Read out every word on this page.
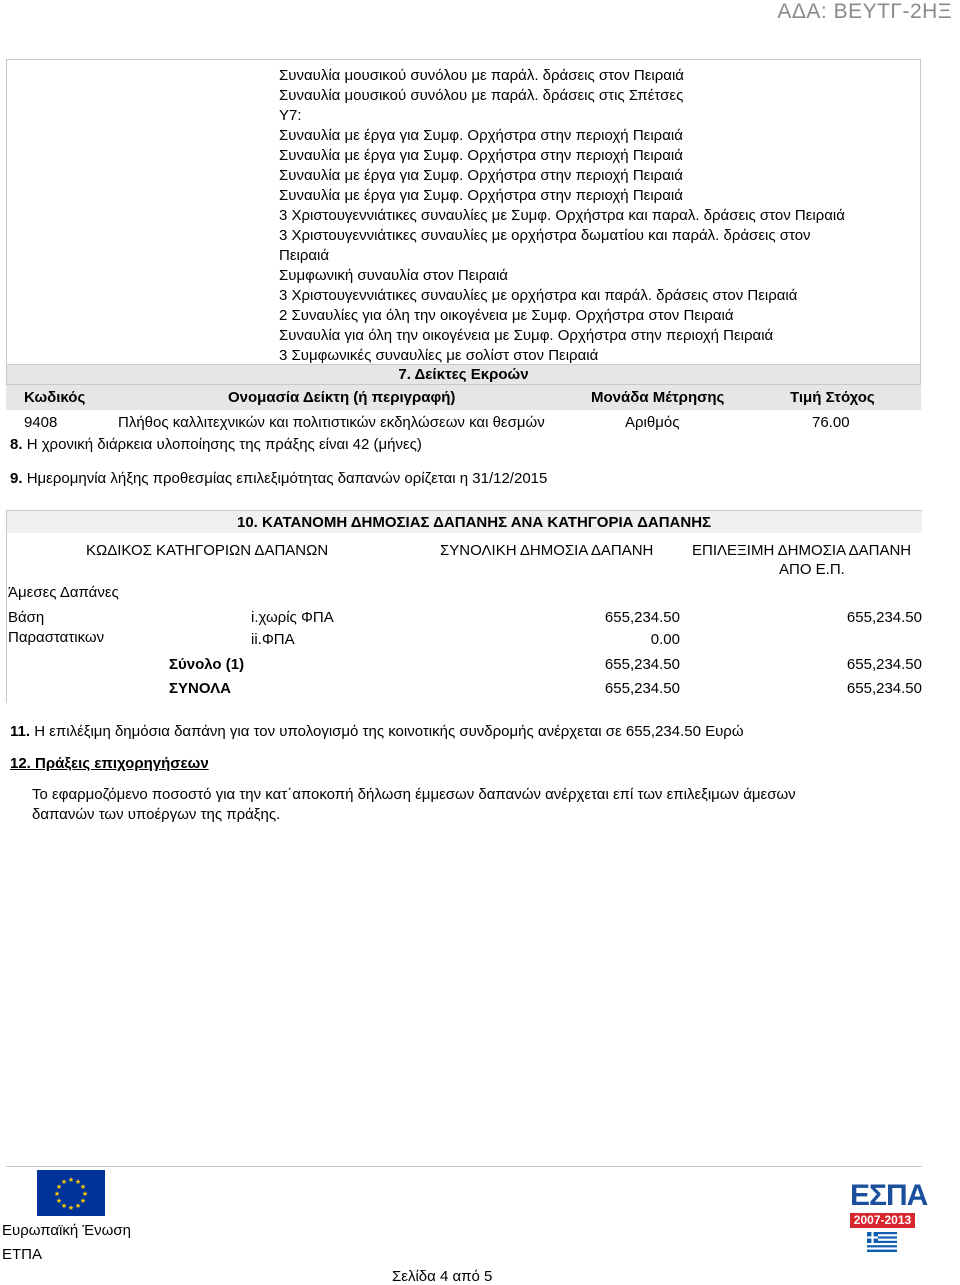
ΑΔΑ: ΒΕΥΤΓ-2ΗΞ
Συναυλία μουσικού συνόλου με παράλ. δράσεις στον Πειραιά
Συναυλία μουσικού συνόλου με παράλ. δράσεις στις Σπέτσες
Υ7:
Συναυλία με έργα για Συμφ. Ορχήστρα στην περιοχή Πειραιά
Συναυλία με έργα για Συμφ. Ορχήστρα στην περιοχή Πειραιά
Συναυλία με έργα για Συμφ. Ορχήστρα στην περιοχή Πειραιά
Συναυλία με έργα για Συμφ. Ορχήστρα στην περιοχή Πειραιά
3 Χριστουγεννιάτικες συναυλίες με Συμφ. Ορχήστρα και παραλ. δράσεις στον Πειραιά
3 Χριστουγεννιάτικες συναυλίες με ορχήστρα δωματίου και παράλ. δράσεις στον
Πειραιά
Συμφωνική συναυλία στον Πειραιά
3 Χριστουγεννιάτικες συναυλίες με ορχήστρα και παράλ. δράσεις στον Πειραιά
2 Συναυλίες για όλη την οικογένεια με Συμφ. Ορχήστρα στον Πειραιά
Συναυλία για όλη την οικογένεια με Συμφ. Ορχήστρα στην περιοχή Πειραιά
3 Συμφωνικές συναυλίες με σολίστ στον Πειραιά
7. Δείκτες Εκροών
Κωδικός	Ονομασία Δείκτη (ή περιγραφή)	Μονάδα Μέτρησης	Τιμή Στόχος
9408	Πλήθος καλλιτεχνικών και πολιτιστικών εκδηλώσεων και θεσμών	Αριθμός	76.00
8. Η χρονική διάρκεια υλοποίησης της πράξης είναι 42 (μήνες)
9. Ημερομηνία λήξης προθεσμίας επιλεξιμότητας δαπανών ορίζεται η 31/12/2015
10. ΚΑΤΑΝΟΜΗ ΔΗΜΟΣΙΑΣ ΔΑΠΑΝΗΣ ΑΝΑ ΚΑΤΗΓΟΡΙΑ ΔΑΠΑΝΗΣ
ΚΩΔΙΚΟΣ ΚΑΤΗΓΟΡΙΩΝ ΔΑΠΑΝΩΝ	ΣΥΝΟΛΙΚΗ ΔΗΜΟΣΙΑ ΔΑΠΑΝΗ	ΕΠΙΛΕΞΙΜΗ ΔΗΜΟΣΙΑ ΔΑΠΑΝΗ
ΑΠΟ Ε.Π.
Άμεσες Δαπάνες
Βάση
Παραστατικων
i.χωρίς ΦΠΑ	655,234.50	655,234.50
ii.ΦΠΑ	0.00
Σύνολο (1)	655,234.50	655,234.50
ΣΥΝΟΛΑ	655,234.50	655,234.50
11. Η επιλέξιμη δημόσια δαπάνη για τον υπολογισμό της κοινοτικής συνδρομής ανέρχεται σε 655,234.50 Ευρώ
12. Πράξεις επιχορηγήσεων
Το εφαρμοζόμενο ποσοστό για την κατ΄αποκοπή δήλωση έμμεσων δαπανών ανέρχεται επί των επιλεξιμων άμεσων
δαπανών των υποέργων της πράξης.
★ ★
★
★
★
★
★
★
★
★
★
★
Ευρωπαϊκή Ένωση
ΕΤΠΑ
Σελίδα 4 από 5
ΕΣΠΑ
2007-2013
